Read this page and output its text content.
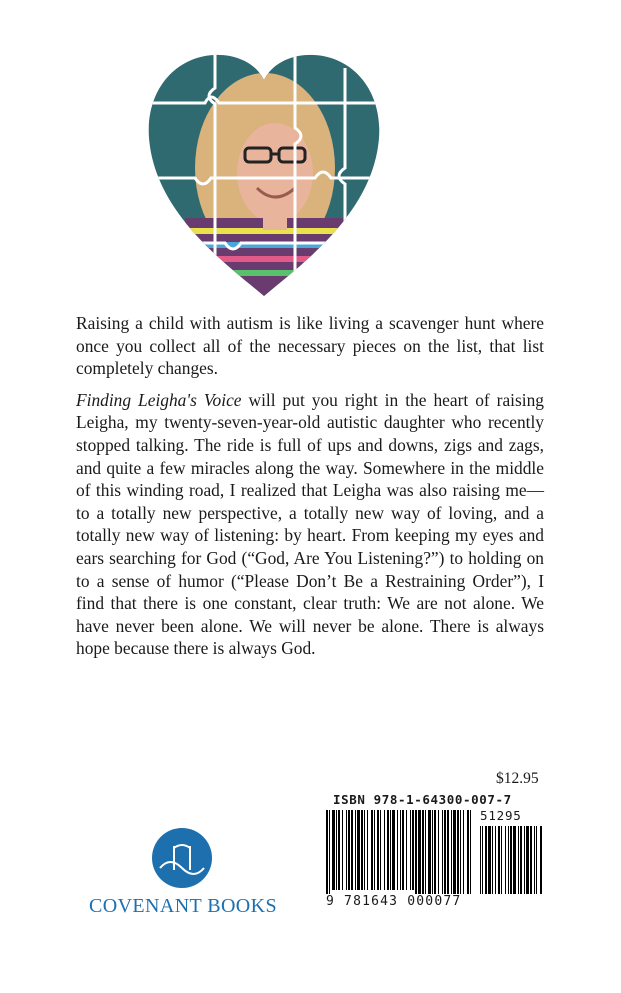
Raising a child with autism is like living a scavenger hunt where once you collect all of the necessary pieces on the list, that list completely changes.

Finding Leigha's Voice will put you right in the heart of raising Leigha, my twenty-seven-year-old autistic daughter who recently stopped talking. The ride is full of ups and downs, zigs and zags, and quite a few miracles along the way. Somewhere in the middle of this winding road, I realized that Leigha was also raising me—to a totally new perspective, a totally new way of loving, and a totally new way of listening: by heart. From keeping my eyes and ears searching for God (“God, Are You Listening?”) to holding on to a sense of humor (“Please Don’t Be a Restraining Order”), I find that there is one constant, clear truth: We are not alone. We have never been alone. We will never be alone. There is always hope because there is always God.

$12.95
ISBN 978-1-64300-007-7
51295
9 781643 000077
COVENANT BOOKS
